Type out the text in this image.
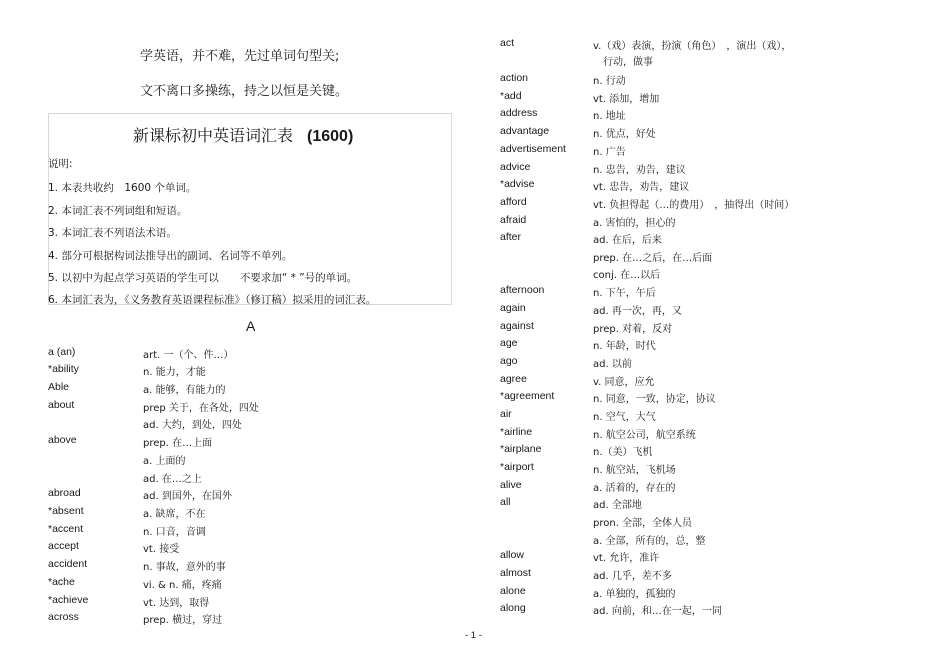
学英语，并不难，先过单词句型关;
文不离口多操练，持之以恒是关键。
新课标初中英语词汇表 (1600)
说明:
1. 本表共收约　1600 个单词。
2. 本词汇表不列词组和短语。
3. 本词汇表不列语法术语。
4. 部分可根据构词法推导出的副词、名词等不单列。
5. 以初中为起点学习英语的学生可以　　不要求加“ * ”号的单词。
6. 本词汇表为，《义务教育英语课程标准》（修订稿）拟采用的词汇表。
A
a (an)	art. 一（个、件…）
*ability	n. 能力，才能
Able	a. 能够，有能力的
about	prep 关于，在各处，四处
ad. 大约，到处，四处
above	prep. 在…上面
a. 上面的
ad. 在…之上
abroad	ad. 到国外，在国外
*absent	a. 缺席，不在
*accent	n. 口音，音调
accept	vt. 接受
accident	n. 事故，意外的事
*ache	vi. & n. 痛，疼痛
*achieve	vt. 达到，取得
across	prep. 横过，穿过
act	v.（戏）表演，扮演（角色）　，演出（戏），
　行动，做事
action	n. 行动
*add	vt. 添加，增加
address	n. 地址
advantage	n. 优点，好处
advertisement	n. 广告
advice	n. 忠告，劝告，建议
*advise	vt. 忠告，劝告，建议
afford	vt. 负担得起（…的费用）　，抽得出（时间）
afraid	a. 害怕的，担心的
after	ad. 在后，后来
prep. 在…之后，在…后面
conj. 在…以后
afternoon	n. 下午，午后
again	ad. 再一次，再，又
against	prep. 对着，反对
age	n. 年龄，时代
ago	ad. 以前
agree	v. 同意，应允
*agreement	n. 同意，一致，协定，协议
air	n. 空气，大气
*airline	n. 航空公司，航空系统
*airplane	n.（美）飞机
*airport	n. 航空站，飞机场
alive	a. 活着的，存在的
all	ad. 全部地
pron. 全部，全体人员
a. 全部，所有的，总，整
allow	vt. 允许，准许
almost	ad. 几乎，差不多
alone	a. 单独的，孤独的
along	ad. 向前，和…在一起，一同
- 1 -
